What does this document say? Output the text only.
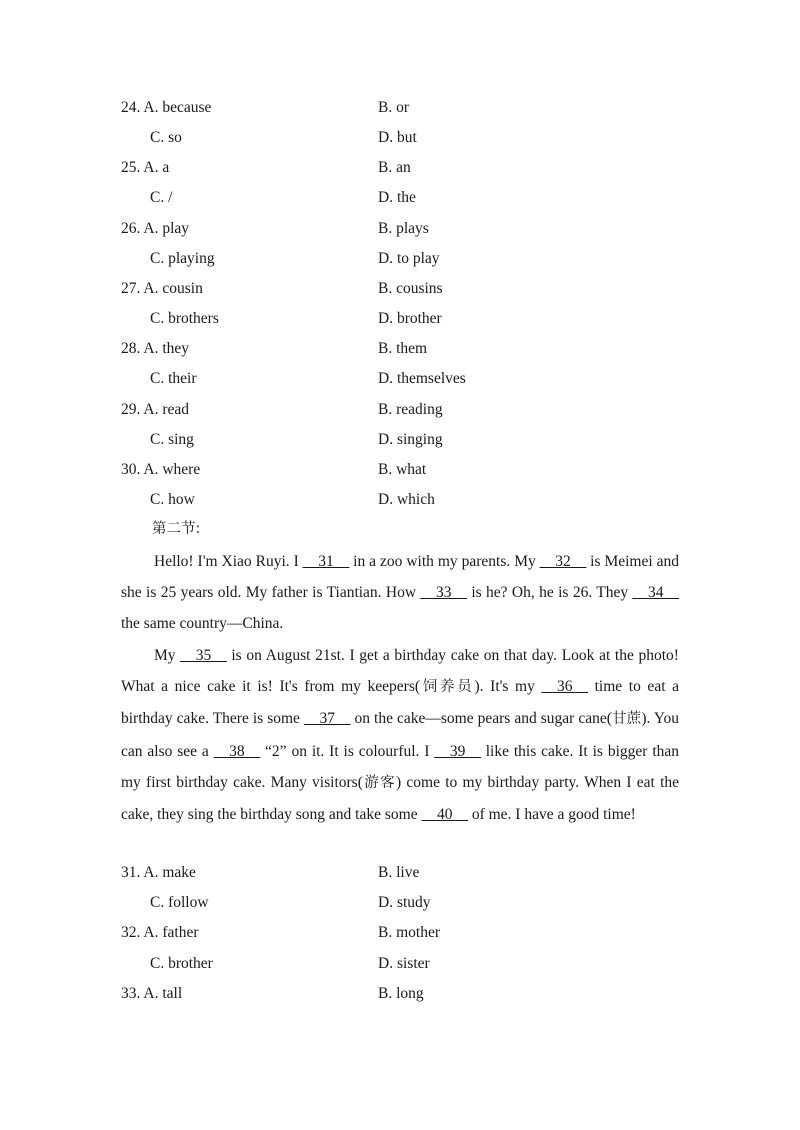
24. A. because	B. or
C. so	D. but
25. A. a	B. an
C. /	D. the
26. A. play	B. plays
C. playing	D. to play
27. A. cousin	B. cousins
C. brothers	D. brother
28. A. they	B. them
C. their	D. themselves
29. A. read	B. reading
C. sing	D. singing
30. A. where	B. what
C. how	D. which
第二节:
Hello! I'm Xiao Ruyi. I __31__ in a zoo with my parents. My __32__ is Meimei and she is 25 years old. My father is Tiantian. How __33__ is he? Oh, he is 26. They __34__ the same country—China.
My __35__ is on August 21st. I get a birthday cake on that day. Look at the photo! What a nice cake it is! It's from my keepers(饲养员). It's my __36__ time to eat a birthday cake. There is some __37__ on the cake—some pears and sugar cane(甘蔗). You can also see a __38__ “2” on it. It is colourful. I __39__ like this cake. It is bigger than my first birthday cake. Many visitors(游客) come to my birthday party. When I eat the cake, they sing the birthday song and take some __40__ of me. I have a good time!
31. A. make	B. live
C. follow	D. study
32. A. father	B. mother
C. brother	D. sister
33. A. tall	B. long
